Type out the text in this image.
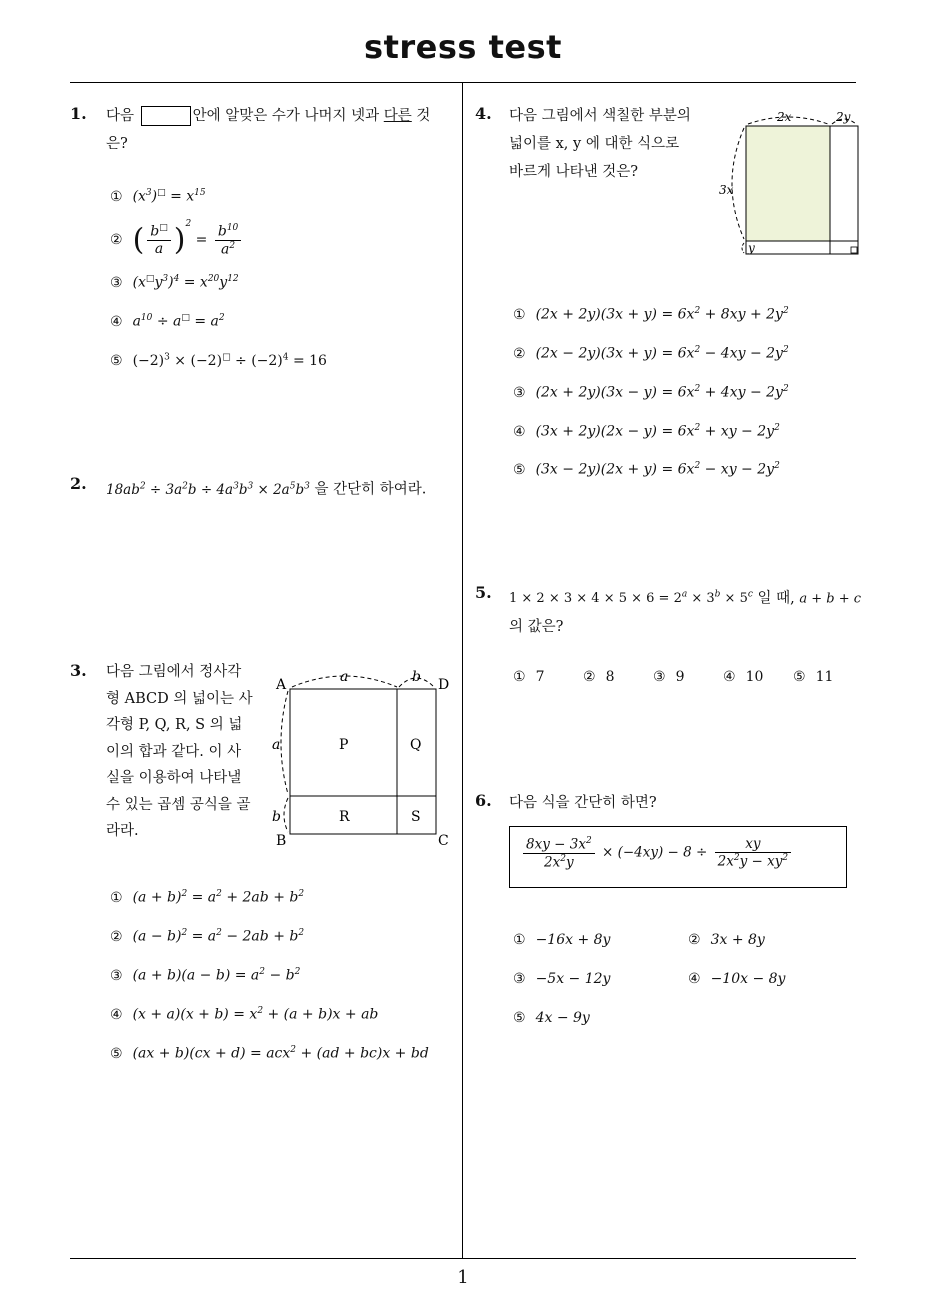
stress test
1
1. 다음	안에 알맞은 수가 나머지 넷과 다른 것
은?
① $(x^3)^□ = x^{15}$
② ( $\frac{b^□}{a} )^2 = \frac{b^{10}}{a^2}$
③ $(x^□y^3)^4 = x^{20}y^{12}$
④ $a^{10} \div a^□ = a^2$
⑤ $(-2)^3 \times (-2)^□ \div (-2)^4 = 16$
2. $18ab^2 \div 3a^2b \div 4a^3b^3 \times 2a^5b^3$ 을 간단히 하여라.
3. 다음 그림에서 정사각
형 ABCD 의 넓이는 사
각형 P, Q, R, S 의 넓
이의 합과 같다. 이 사
실을 이용하여 나타낼
수 있는 곱셈 공식을 골
라라.
A	D
B	C
a	b
a
b
P	Q
R	S
① $(a + b)^2 = a^2 + 2ab + b^2$
② $(a - b)^2 = a^2 - 2ab + b^2$
③ $(a + b)(a - b) = a^2 - b^2$
④ $(x + a)(x + b) = x^2 + (a + b)x$ + ab
⑤ (ax + b)(cx + d) = acx$^2$ + (ad + bc)x + bd
4. 다음 그림에서 색칠한 부분의
넓이를 x, y 에 대한 식으로
바르게 나타낸 것은?
2x	2y
3x
y
① $(2x + 2y)(3x + y) = 6x^2 + 8xy + 2y^2$
② $(2x - 2y)(3x + y) = 6x^2 - 4xy - 2y^2$
③ $(2x + 2y)(3x - y) = 6x^2 + 4xy - 2y^2$
④ $(3x + 2y)(2x - y) = 6x^2$ + xy − $2y^2$
⑤ $(3x - 2y)(2x + y) = 6x^2$ − xy − $2y^2$
5. $1 \times 2 \times 3 \times 4 \times 5 \times 6 = 2^a \times 3^b \times 5^c$ 일 때, a + b + c
의 값은?
① 7	② 8	③ 9	④ 10 ⑤ 11
6. 다음 식을 간단히 하면?
$\frac{8xy - 3x^2}{2x^2y} \times (-4xy) - 8 \div \frac{xy}{2x^2y - xy^2}$
① −16x + 8y	② 3x + 8y
③ −5x − 12y	④ −10x − 8y
⑤ 4x − 9y
